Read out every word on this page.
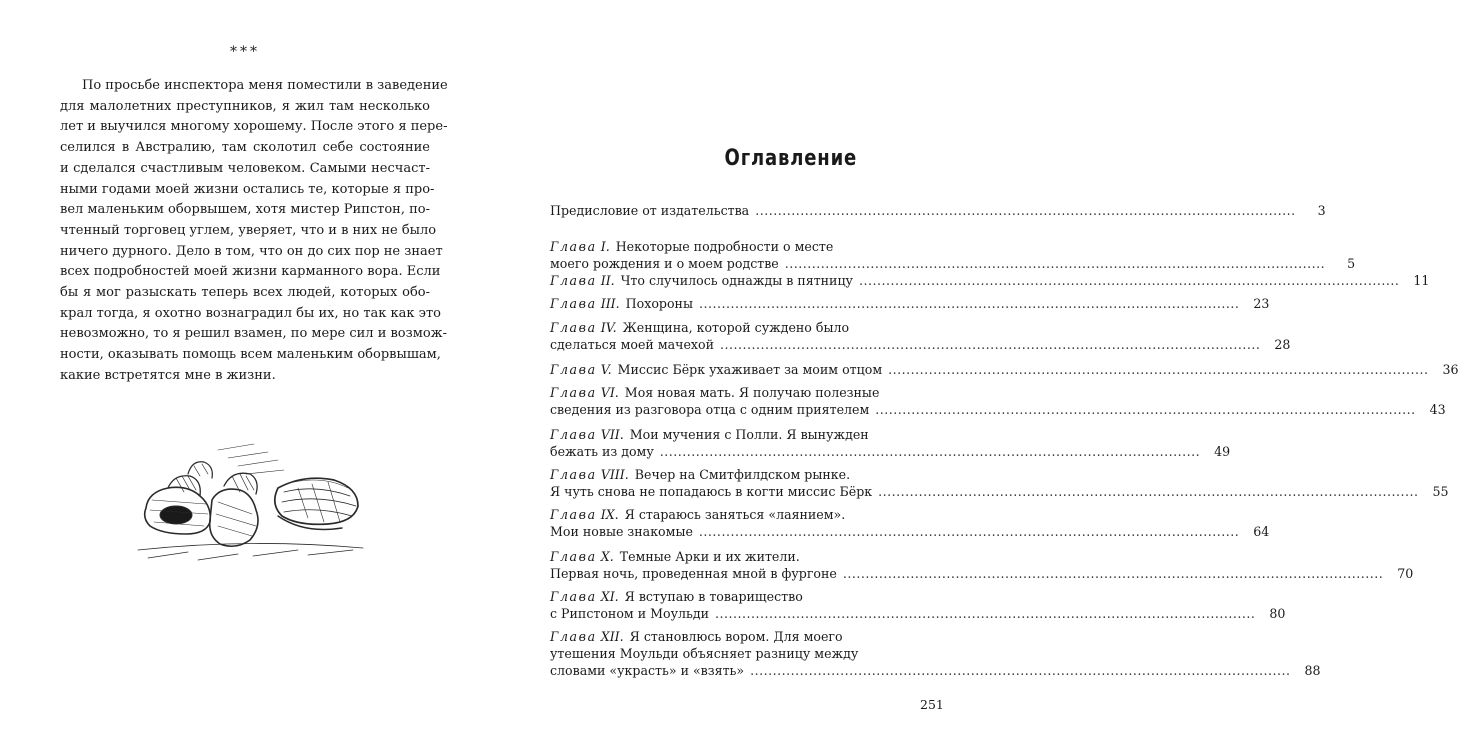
***
По просьбе инспектора меня поместили в заведение
для малолетних преступников, я жил там несколько
лет и выучился многому хорошему. После этого я пере-
селился в Австралию, там сколотил себе состояние
и сделался счастливым человеком. Самыми несчаст-
ными годами моей жизни остались те, которые я про-
вел маленьким оборвышем, хотя мистер Рипстон, по-
чтенный торговец углем, уверяет, что и в них не было
ничего дурного. Дело в том, что он до сих пор не знает
всех подробностей моей жизни карманного вора. Если
бы я мог разыскать теперь всех людей, которых обо-
крал тогда, я охотно вознаградил бы их, но так как это
невозможно, то я решил взамен, по мере сил и возмож-
ности, оказывать помощь всем маленьким оборвышам,
какие встретятся мне в жизни.
Оглавление
Предисловие от издательства ........................................................................................................................	3
Глава I. Некоторые подробности о месте
моего рождения и о моем родстве ........................................................................................................................	5
Глава II. Что случилось однажды в пятницу ........................................................................................................................	11
Глава III. Похороны ........................................................................................................................	23
Глава IV. Женщина, которой суждено было
сделаться моей мачехой ........................................................................................................................	28
Глава V. Миссис Бёрк ухаживает за моим отцом ........................................................................................................................	36
Глава VI. Моя новая мать. Я получаю полезные
сведения из разговора отца с одним приятелем ........................................................................................................................	43
Глава VII. Мои мучения с Полли. Я вынужден
бежать из дому ........................................................................................................................	49
Глава VIII. Вечер на Смитфилдском рынке.
Я чуть снова не попадаюсь в когти миссис Бёрк ........................................................................................................................	55
Глава IX. Я стараюсь заняться «лаянием».
Мои новые знакомые ........................................................................................................................	64
Глава X. Темные Арки и их жители.
Первая ночь, проведенная мной в фургоне ........................................................................................................................	70
Глава XI. Я вступаю в товарищество
с Рипстоном и Моульди ........................................................................................................................	80
Глава XII. Я становлюсь вором. Для моего
утешения Моульди объясняет разницу между
словами «украсть» и «взять» ........................................................................................................................	88
251
